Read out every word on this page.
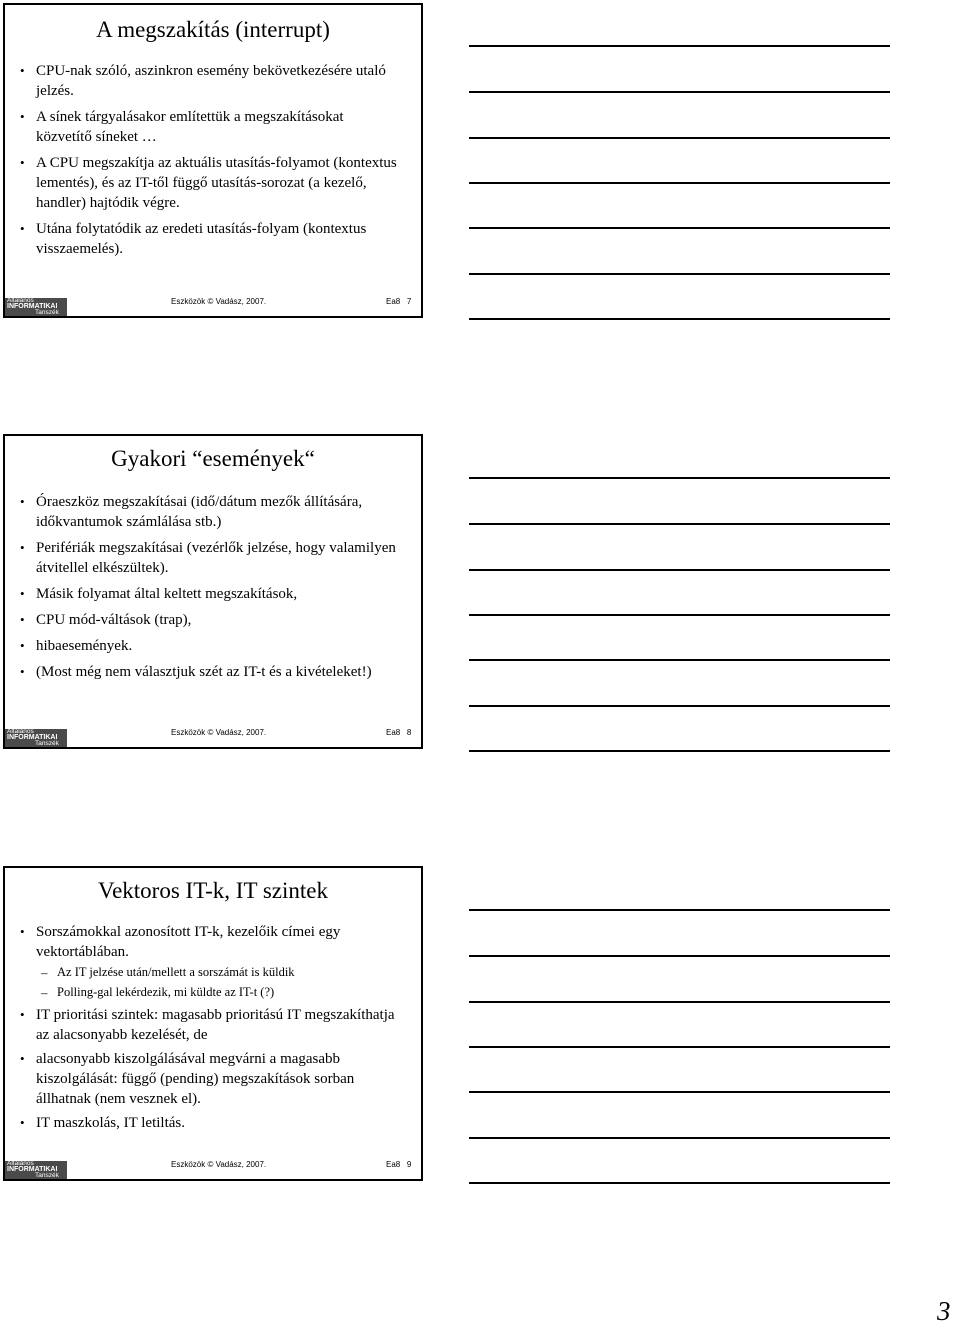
A megszakítás (interrupt)
• CPU-nak szóló, aszinkron esemény bekövetkezésére utaló jelzés.
• A sínek tárgyalásakor említettük a megszakításokat közvetítő síneket …
• A CPU megszakítja az aktuális utasítás-folyamot (kontextus lementés), és az IT-től függő utasítás-sorozat (a kezelő, handler) hajtódik végre.
• Utána folytatódik az eredeti utasítás-folyam (kontextus visszaemelés).
Általános
INFORMATIKAI
Tanszék
Eszközök © Vadász, 2007.	Ea8   7
Gyakori “események“
• Óraeszköz megszakításai (idő/dátum mezők állítására, időkvantumok számlálása stb.)
• Perifériák megszakításai (vezérlők jelzése, hogy valamilyen átvitellel elkészültek).
• Másik folyamat által keltett megszakítások,
• CPU mód-váltások (trap),
• hibaesemények.
• (Most még nem választjuk szét az IT-t és a kivételeket!)
Általános
INFORMATIKAI
Tanszék
Eszközök © Vadász, 2007.	Ea8   8
Vektoros IT-k, IT szintek
• Sorszámokkal azonosított IT-k, kezelőik címei egy vektortáblában.
– Az IT jelzése után/mellett a sorszámát is küldik
– Polling-gal lekérdezik, mi küldte az IT-t (?)
• IT prioritási szintek: magasabb prioritású IT megszakíthatja az alacsonyabb kezelését, de
• alacsonyabb kiszolgálásával megvárni a magasabb kiszolgálását: függő (pending) megszakítások sorban állhatnak (nem vesznek el).
• IT maszkolás, IT letiltás.
Általános
INFORMATIKAI
Tanszék
Eszközök © Vadász, 2007.	Ea8   9
3
